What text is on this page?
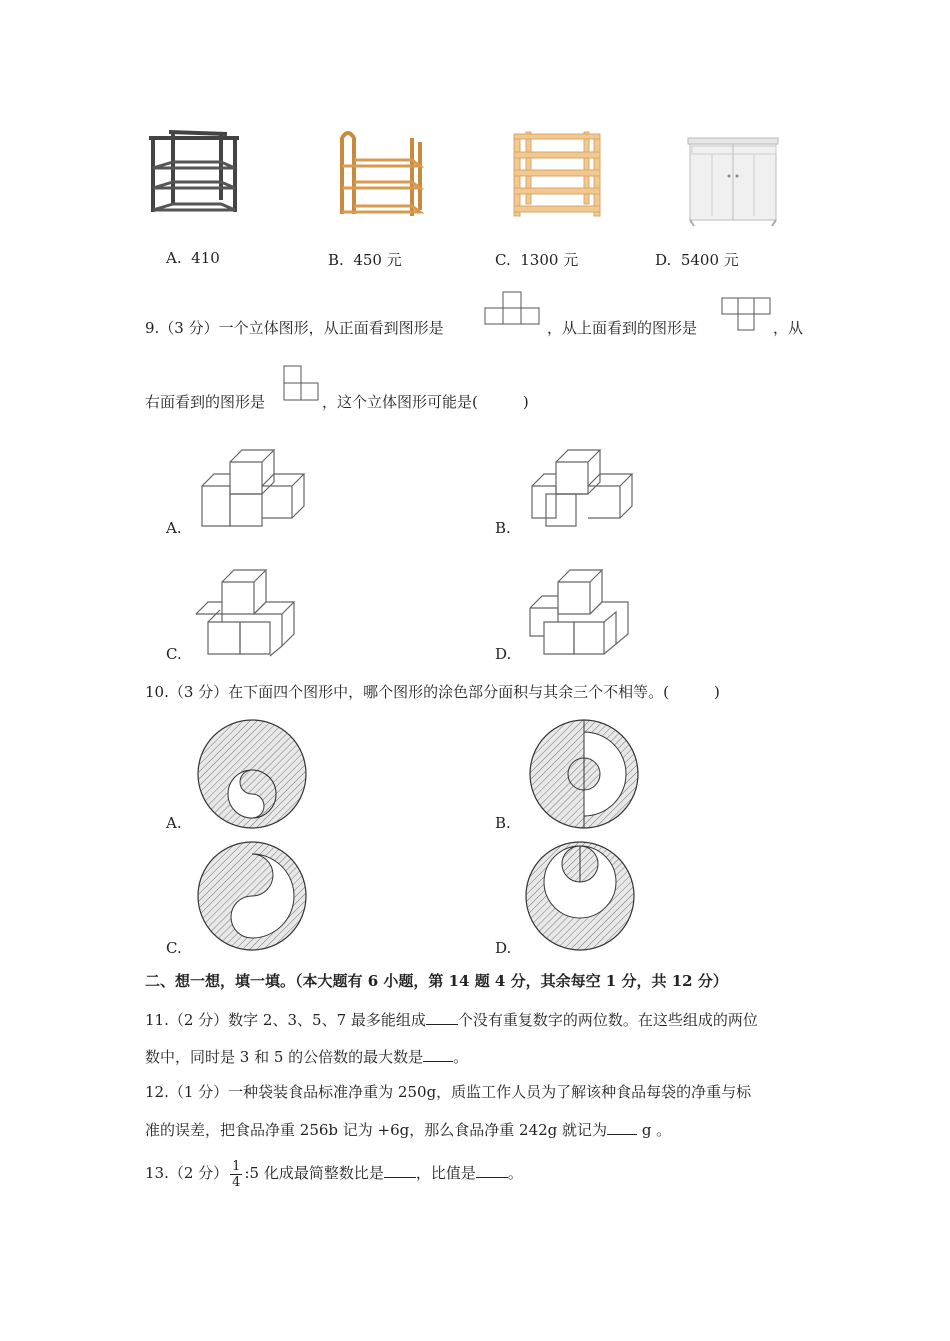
A. 410	B. 450 元	C. 1300 元	D. 5400 元
9.（3 分）一个立体图形，从正面看到图形是	，从上面看到的图形是	，从
右面看到的图形是	，这个立体图形可能是(　　　)
A.	B.
C.	D.
10.（3 分）在下面四个图形中，哪个图形的涂色部分面积与其余三个不相等。(　　　)
A.	B.
C.	D.
二、想一想，填一填。（本大题有 6 小题，第 14 题 4 分，其余每空 1 分，共 12 分）
11.（2 分）数字 2、3、5、7 最多能组成 个没有重复数字的两位数。在这些组成的两位
数中，同时是 3 和 5 的公倍数的最大数是 。
12.（1 分）一种袋装食品标准净重为 250g，质监工作人员为了解该种食品每袋的净重与标
准的误差，把食品净重 256b 记为 +6g，那么食品净重 242g 就记为 g 。
13.（2 分） $\frac{1}{4}$ :5 化成最简整数比是 ，比值是 。
